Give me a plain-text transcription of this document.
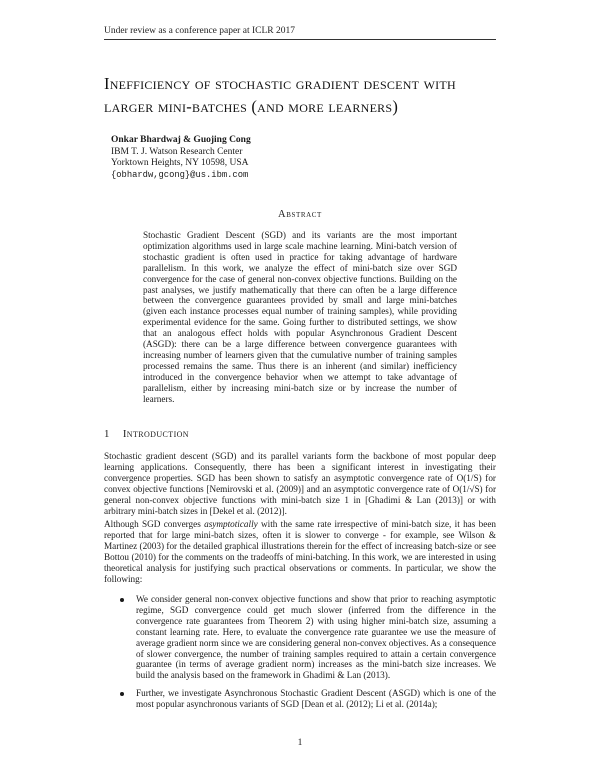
Under review as a conference paper at ICLR 2017
Inefficiency of stochastic gradient descent with larger mini-batches (and more learners)
Onkar Bhardwaj & Guojing Cong
IBM T. J. Watson Research Center
Yorktown Heights, NY 10598, USA
{obhardw,gcong}@us.ibm.com
Abstract
Stochastic Gradient Descent (SGD) and its variants are the most important optimization algorithms used in large scale machine learning. Mini-batch version of stochastic gradient is often used in practice for taking advantage of hardware parallelism. In this work, we analyze the effect of mini-batch size over SGD convergence for the case of general non-convex objective functions. Building on the past analyses, we justify mathematically that there can often be a large difference between the convergence guarantees provided by small and large mini-batches (given each instance processes equal number of training samples), while providing experimental evidence for the same. Going further to distributed settings, we show that an analogous effect holds with popular Asynchronous Gradient Descent (ASGD): there can be a large difference between convergence guarantees with increasing number of learners given that the cumulative number of training samples processed remains the same. Thus there is an inherent (and similar) inefficiency introduced in the convergence behavior when we attempt to take advantage of parallelism, either by increasing mini-batch size or by increase the number of learners.
1 Introduction
Stochastic gradient descent (SGD) and its parallel variants form the backbone of most popular deep learning applications. Consequently, there has been a significant interest in investigating their convergence properties. SGD has been shown to satisfy an asymptotic convergence rate of O(1/S) for convex objective functions [Nemirovski et al. (2009)] and an asymptotic convergence rate of O(1/√S) for general non-convex objective functions with mini-batch size 1 in [Ghadimi & Lan (2013)] or with arbitrary mini-batch sizes in [Dekel et al. (2012)].
Although SGD converges asymptotically with the same rate irrespective of mini-batch size, it has been reported that for large mini-batch sizes, often it is slower to converge - for example, see Wilson & Martinez (2003) for the detailed graphical illustrations therein for the effect of increasing batch-size or see Bottou (2010) for the comments on the tradeoffs of mini-batching. In this work, we are interested in using theoretical analysis for justifying such practical observations or comments. In particular, we show the following:
We consider general non-convex objective functions and show that prior to reaching asymptotic regime, SGD convergence could get much slower (inferred from the difference in the convergence rate guarantees from Theorem 2) with using higher mini-batch size, assuming a constant learning rate. Here, to evaluate the convergence rate guarantee we use the measure of average gradient norm since we are considering general non-convex objectives. As a consequence of slower convergence, the number of training samples required to attain a certain convergence guarantee (in terms of average gradient norm) increases as the mini-batch size increases. We build the analysis based on the framework in Ghadimi & Lan (2013).
Further, we investigate Asynchronous Stochastic Gradient Descent (ASGD) which is one of the most popular asynchronous variants of SGD [Dean et al. (2012); Li et al. (2014a);
1
